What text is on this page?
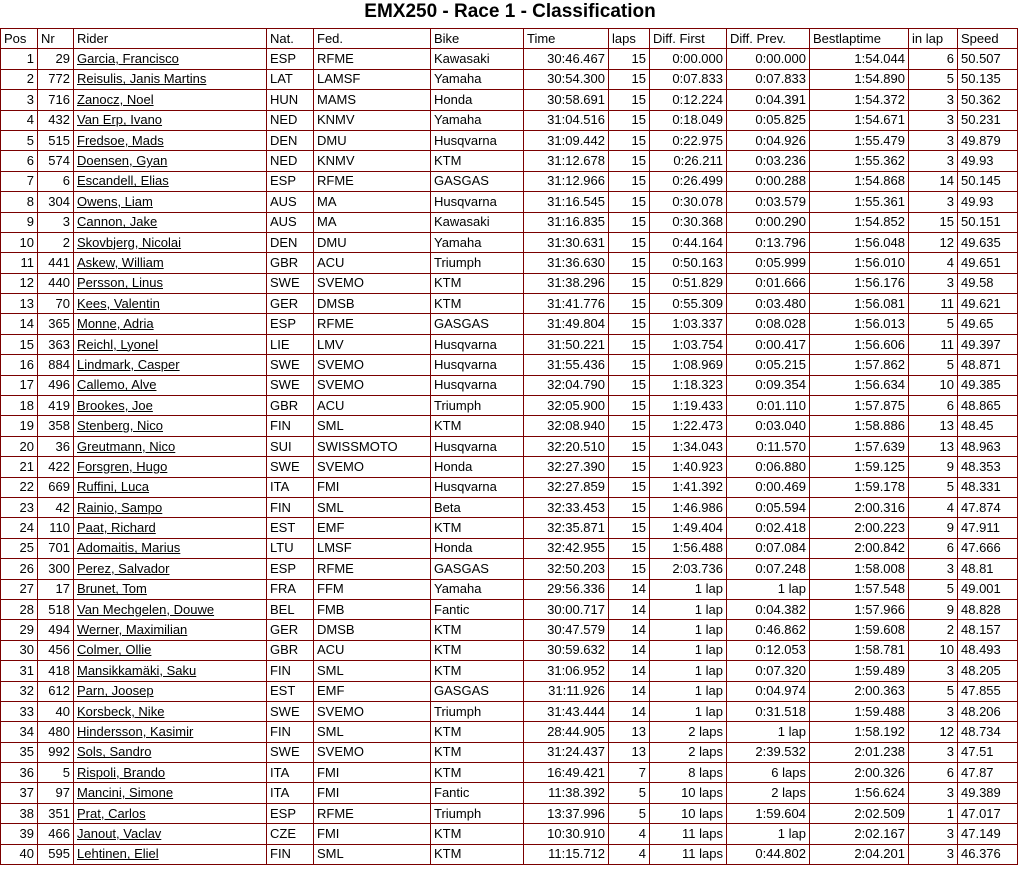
EMX250 - Race 1 - Classification
Pos	Nr	Rider	Nat.	Fed.	Bike	Time	laps	Diff. First	Diff. Prev.	Bestlaptime	in lap	Speed
1	29	Garcia, Francisco	ESP	RFME	Kawasaki	30:46.467	15	0:00.000	0:00.000	1:54.044	6	50.507
2	772	Reisulis, Janis Martins	LAT	LAMSF	Yamaha	30:54.300	15	0:07.833	0:07.833	1:54.890	5	50.135
3	716	Zanocz, Noel	HUN	MAMS	Honda	30:58.691	15	0:12.224	0:04.391	1:54.372	3	50.362
4	432	Van Erp, Ivano	NED	KNMV	Yamaha	31:04.516	15	0:18.049	0:05.825	1:54.671	3	50.231
5	515	Fredsoe, Mads	DEN	DMU	Husqvarna	31:09.442	15	0:22.975	0:04.926	1:55.479	3	49.879
6	574	Doensen, Gyan	NED	KNMV	KTM	31:12.678	15	0:26.211	0:03.236	1:55.362	3	49.93
7	6	Escandell, Elias	ESP	RFME	GASGAS	31:12.966	15	0:26.499	0:00.288	1:54.868	14	50.145
8	304	Owens, Liam	AUS	MA	Husqvarna	31:16.545	15	0:30.078	0:03.579	1:55.361	3	49.93
9	3	Cannon, Jake	AUS	MA	Kawasaki	31:16.835	15	0:30.368	0:00.290	1:54.852	15	50.151
10	2	Skovbjerg, Nicolai	DEN	DMU	Yamaha	31:30.631	15	0:44.164	0:13.796	1:56.048	12	49.635
11	441	Askew, William	GBR	ACU	Triumph	31:36.630	15	0:50.163	0:05.999	1:56.010	4	49.651
12	440	Persson, Linus	SWE	SVEMO	KTM	31:38.296	15	0:51.829	0:01.666	1:56.176	3	49.58
13	70	Kees, Valentin	GER	DMSB	KTM	31:41.776	15	0:55.309	0:03.480	1:56.081	11	49.621
14	365	Monne, Adria	ESP	RFME	GASGAS	31:49.804	15	1:03.337	0:08.028	1:56.013	5	49.65
15	363	Reichl, Lyonel	LIE	LMV	Husqvarna	31:50.221	15	1:03.754	0:00.417	1:56.606	11	49.397
16	884	Lindmark, Casper	SWE	SVEMO	Husqvarna	31:55.436	15	1:08.969	0:05.215	1:57.862	5	48.871
17	496	Callemo, Alve	SWE	SVEMO	Husqvarna	32:04.790	15	1:18.323	0:09.354	1:56.634	10	49.385
18	419	Brookes, Joe	GBR	ACU	Triumph	32:05.900	15	1:19.433	0:01.110	1:57.875	6	48.865
19	358	Stenberg, Nico	FIN	SML	KTM	32:08.940	15	1:22.473	0:03.040	1:58.886	13	48.45
20	36	Greutmann, Nico	SUI	SWISSMOTO	Husqvarna	32:20.510	15	1:34.043	0:11.570	1:57.639	13	48.963
21	422	Forsgren, Hugo	SWE	SVEMO	Honda	32:27.390	15	1:40.923	0:06.880	1:59.125	9	48.353
22	669	Ruffini, Luca	ITA	FMI	Husqvarna	32:27.859	15	1:41.392	0:00.469	1:59.178	5	48.331
23	42	Rainio, Sampo	FIN	SML	Beta	32:33.453	15	1:46.986	0:05.594	2:00.316	4	47.874
24	110	Paat, Richard	EST	EMF	KTM	32:35.871	15	1:49.404	0:02.418	2:00.223	9	47.911
25	701	Adomaitis, Marius	LTU	LMSF	Honda	32:42.955	15	1:56.488	0:07.084	2:00.842	6	47.666
26	300	Perez, Salvador	ESP	RFME	GASGAS	32:50.203	15	2:03.736	0:07.248	1:58.008	3	48.81
27	17	Brunet, Tom	FRA	FFM	Yamaha	29:56.336	14	1 lap	1 lap	1:57.548	5	49.001
28	518	Van Mechgelen, Douwe	BEL	FMB	Fantic	30:00.717	14	1 lap	0:04.382	1:57.966	9	48.828
29	494	Werner, Maximilian	GER	DMSB	KTM	30:47.579	14	1 lap	0:46.862	1:59.608	2	48.157
30	456	Colmer, Ollie	GBR	ACU	KTM	30:59.632	14	1 lap	0:12.053	1:58.781	10	48.493
31	418	Mansikkamäki, Saku	FIN	SML	KTM	31:06.952	14	1 lap	0:07.320	1:59.489	3	48.205
32	612	Parn, Joosep	EST	EMF	GASGAS	31:11.926	14	1 lap	0:04.974	2:00.363	5	47.855
33	40	Korsbeck, Nike	SWE	SVEMO	Triumph	31:43.444	14	1 lap	0:31.518	1:59.488	3	48.206
34	480	Hindersson, Kasimir	FIN	SML	KTM	28:44.905	13	2 laps	1 lap	1:58.192	12	48.734
35	992	Sols, Sandro	SWE	SVEMO	KTM	31:24.437	13	2 laps	2:39.532	2:01.238	3	47.51
36	5	Rispoli, Brando	ITA	FMI	KTM	16:49.421	7	8 laps	6 laps	2:00.326	6	47.87
37	97	Mancini, Simone	ITA	FMI	Fantic	11:38.392	5	10 laps	2 laps	1:56.624	3	49.389
38	351	Prat, Carlos	ESP	RFME	Triumph	13:37.996	5	10 laps	1:59.604	2:02.509	1	47.017
39	466	Janout, Vaclav	CZE	FMI	KTM	10:30.910	4	11 laps	1 lap	2:02.167	3	47.149
40	595	Lehtinen, Eliel	FIN	SML	KTM	11:15.712	4	11 laps	0:44.802	2:04.201	3	46.376
